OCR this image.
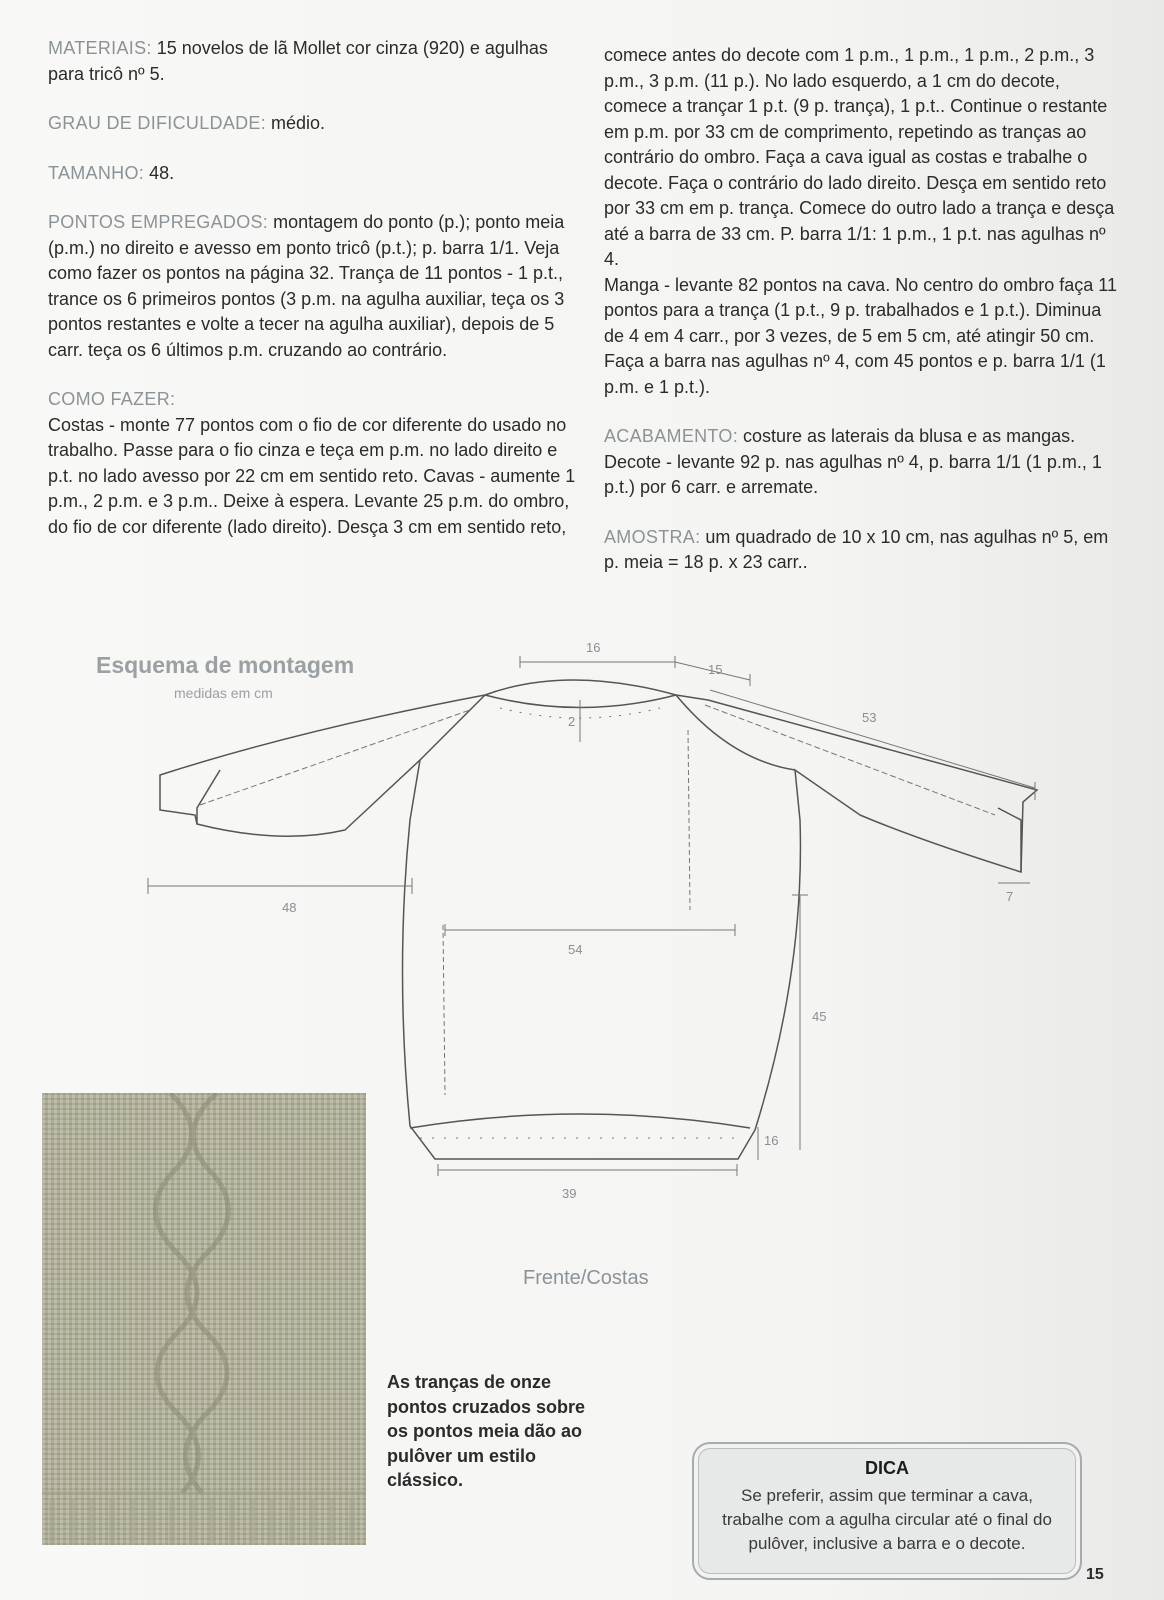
MATERIAIS: 15 novelos de lã Mollet cor cinza (920) e agulhas para tricô nº 5.

GRAU DE DIFICULDADE: médio.

TAMANHO: 48.

PONTOS EMPREGADOS: montagem do ponto (p.); ponto meia (p.m.) no direito e avesso em ponto tricô (p.t.); p. barra 1/1. Veja como fazer os pontos na página 32. Trança de 11 pontos - 1 p.t., trance os 6 primeiros pontos (3 p.m. na agulha auxiliar, teça os 3 pontos restantes e volte a tecer na agulha auxiliar), depois de 5 carr. teça os 6 últimos p.m. cruzando ao contrário.

COMO FAZER:
Costas - monte 77 pontos com o fio de cor diferente do usado no trabalho. Passe para o fio cinza e teça em p.m. no lado direito e p.t. no lado avesso por 22 cm em sentido reto. Cavas - aumente 1 p.m., 2 p.m. e 3 p.m.. Deixe à espera. Levante 25 p.m. do ombro, do fio de cor diferente (lado direito). Desça 3 cm em sentido reto,

comece antes do decote com 1 p.m., 1 p.m., 1 p.m., 2 p.m., 3 p.m., 3 p.m. (11 p.). No lado esquerdo, a 1 cm do decote, comece a trançar 1 p.t. (9 p. trança), 1 p.t.. Continue o restante em p.m. por 33 cm de comprimento, repetindo as tranças ao contrário do ombro. Faça a cava igual as costas e trabalhe o decote. Faça o contrário do lado direito. Desça em sentido reto por 33 cm em p. trança. Comece do outro lado a trança e desça até a barra de 33 cm. P. barra 1/1: 1 p.m., 1 p.t. nas agulhas nº 4.

Manga - levante 82 pontos na cava. No centro do ombro faça 11 pontos para a trança (1 p.t., 9 p. trabalhados e 1 p.t.). Diminua de 4 em 4 carr., por 3 vezes, de 5 em 5 cm, até atingir 50 cm. Faça a barra nas agulhas nº 4, com 45 pontos e p. barra 1/1 (1 p.m. e 1 p.t.).

ACABAMENTO: costure as laterais da blusa e as mangas. Decote - levante 92 p. nas agulhas nº 4, p. barra 1/1 (1 p.m., 1 p.t.) por 6 carr. e arremate.

AMOSTRA: um quadrado de 10 x 10 cm, nas agulhas nº 5, em p. meia = 18 p. x 23 carr..

Esquema de montagem
medidas em cm
16
15
53
2
48
7
54
45
16
39
Frente/Costas
As tranças de onze pontos cruzados sobre os pontos meia dão ao pulôver um estilo clássico.
DICA
Se preferir, assim que terminar a cava, trabalhe com a agulha circular até o final do pulôver, inclusive a barra e o decote.
15
